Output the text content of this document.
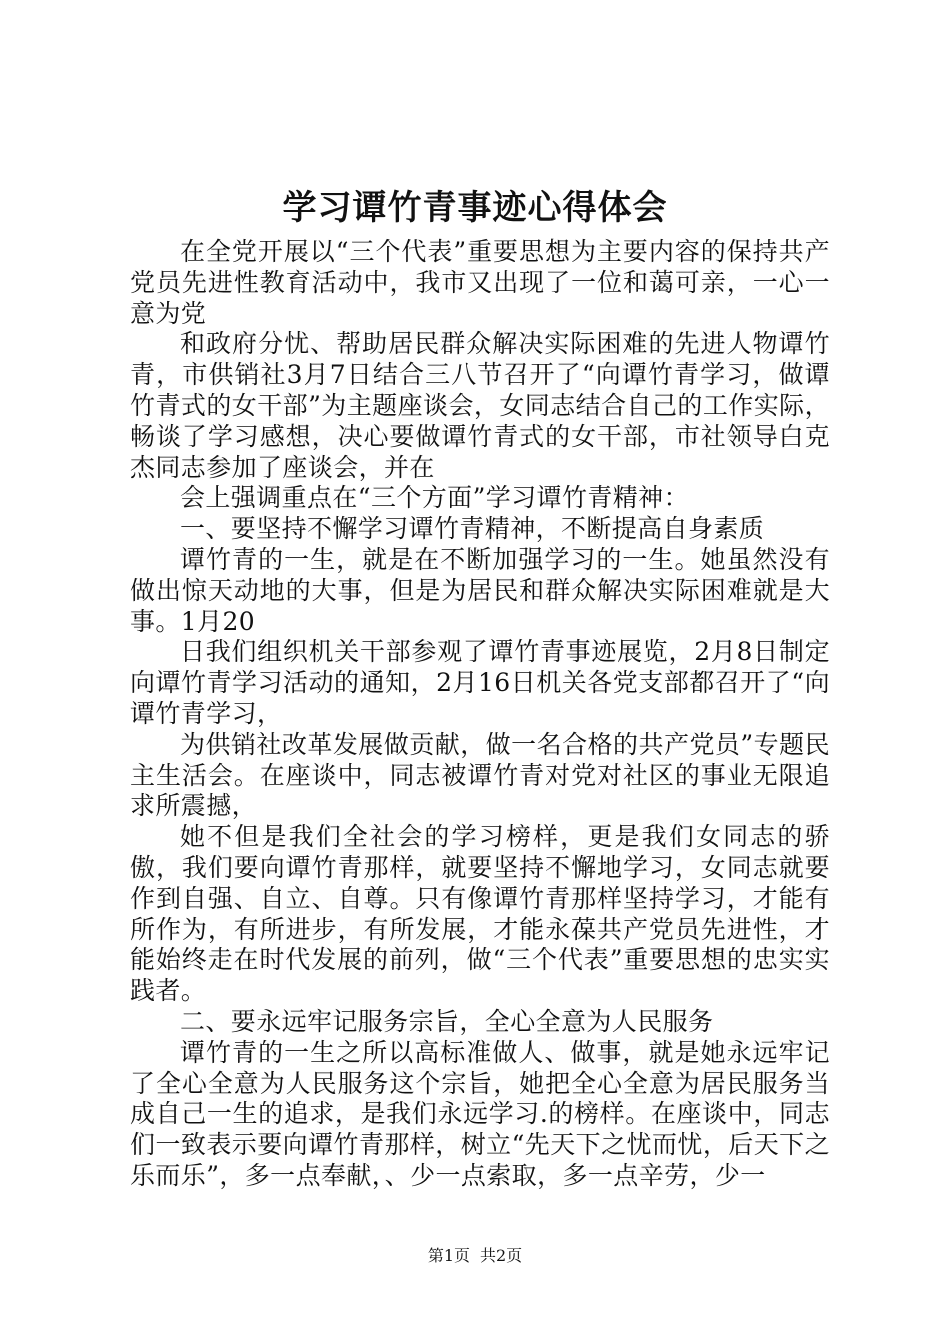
学习谭竹青事迹心得体会

在全党开展以“三个代表”重要思想为主要内容的保持共产党员先进性教育活动中，我市又出现了一位和蔼可亲，一心一意为党

和政府分忧、帮助居民群众解决实际困难的先进人物谭竹青，市供销社3月7日结合三八节召开了“向谭竹青学习，做谭竹青式的女干部”为主题座谈会，女同志结合自己的工作实际，畅谈了学习感想，决心要做谭竹青式的女干部，市社领导白克杰同志参加了座谈会，并在

会上强调重点在“三个方面”学习谭竹青精神：

一、要坚持不懈学习谭竹青精神，不断提高自身素质

谭竹青的一生，就是在不断加强学习的一生。她虽然没有做出惊天动地的大事，但是为居民和群众解决实际困难就是大事。1月20

日我们组织机关干部参观了谭竹青事迹展览，2月8日制定向谭竹青学习活动的通知，2月16日机关各党支部都召开了“向谭竹青学习，

为供销社改革发展做贡献，做一名合格的共产党员”专题民主生活会。在座谈中，同志被谭竹青对党对社区的事业无限追求所震撼，

她不但是我们全社会的学习榜样，更是我们女同志的骄傲，我们要向谭竹青那样，就要坚持不懈地学习，女同志就要作到自强、自立、自尊。只有像谭竹青那样坚持学习，才能有所作为，有所进步，有所发展，才能永葆共产党员先进性，才能始终走在时代发展的前列，做“三个代表”重要思想的忠实实践者。

二、要永远牢记服务宗旨，全心全意为人民服务

谭竹青的一生之所以高标准做人、做事，就是她永远牢记了全心全意为人民服务这个宗旨，她把全心全意为居民服务当成自己一生的追求，是我们永远学习.的榜样。在座谈中，同志们一致表示要向谭竹青那样，树立“先天下之忧而忧，后天下之乐而乐”，多一点奉献，、少一点索取，多一点辛劳，少一

第1页 共2页
